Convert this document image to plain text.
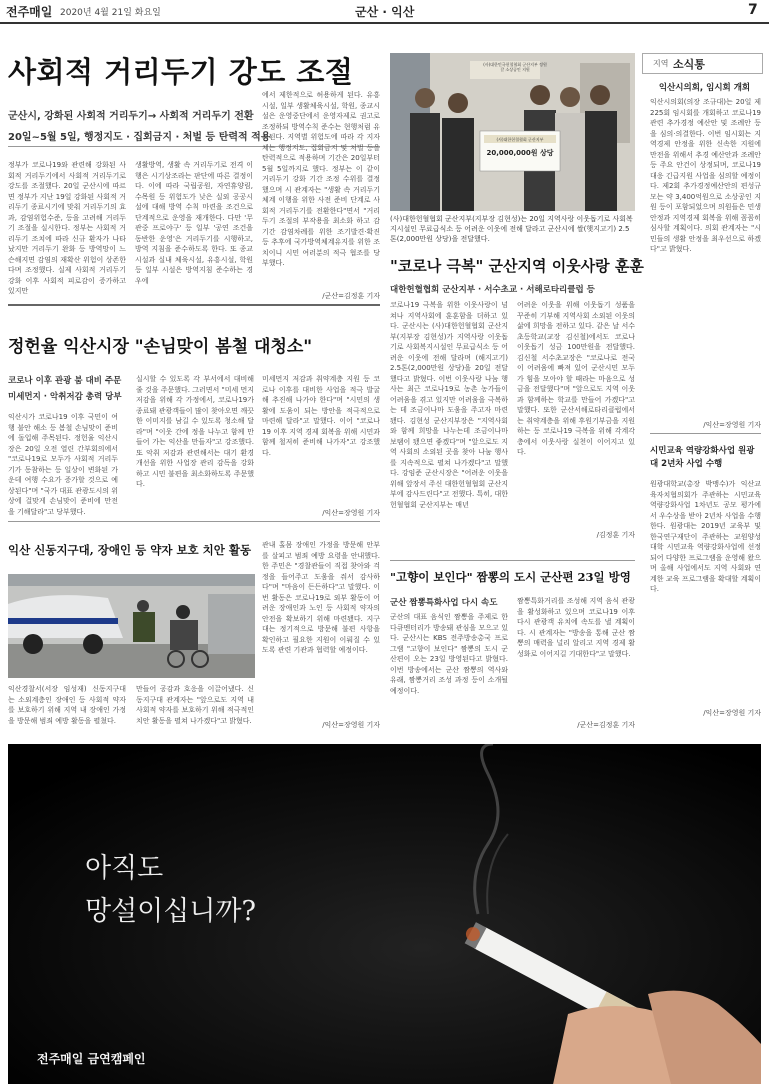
전주매일 2020년 4월 21일 화요일	군산 · 익산	7
사회적 거리두기 강도 조절
군산시, 강화된 사회적 거리두기→ 사회적 거리두기 전환
20일~5월 5일, 행정지도 · 집회금지 · 처벌 등 탄력적 적용
정부가 코로나19와 관련해 강화된 사회적 거리두기에서 사회적 거리두기로 강도를 조절했다. 20일 군산시에 따르면 정부가 지난 19일 강화된 사회적 거리두기 종료시기에 맞춰 거리두기의 효과, 감염위험수준, 등을 고려해 거리두기 조절을 실시한다. 정부는 사회적 거리두기 조치에 따라 신규 환자가 나타났지만 거리두기 완화 등 방역망이 느슨해지면 감염의 재확산 위험이 상존한다며 조정했다. 실제 사회적 거리두기 강화 이후 사회적 피로감이 증가하고 있지만
생활방역, 생활 속 거리두기로 전격 이행은 시기상조라는 판단에 따른 결정이다. 이에 따라 국립공원, 자연휴양림, 수목원 등 위험도가 낮은 실외 공공시설에 대해 방역 수칙 마련을 조건으로 단계적으로 운영을 재개한다. 다만 '무관중 프로야구' 등 일부 '공연 조건을 동반한 운영'은 거리두기를 시행하고, 방역 지침을 준수하도록 한다. 또 종교시설과 실내 체육시설, 유흥시설, 학원 등 일부 시설은 방역지침 준수하는 경우에
에서 제한적으로 허용하게 된다. 유흥시설, 일부 생활체육시설, 학원, 종교시설은 운영중단에서 운영자제로 권고로 조정하되 방역수칙 준수는 현행처럼 유지된다. 지역별 위험도에 따라 각 지자체는 행정지도, 집회금지 및 처벌 등을 탄력적으로 적용하며 기간은 20일부터 5월 5일까지로 했다. 정부는 이 같이 거리두기 강화 기간 조정 수위를 결정했으며 시 관계자는 "생활 속 거리두기 체계 이행을 위한 사전 준비 단계로 사회적 거리두기를 전환한다"면서 "거리두기 조절의 부작용을 최소화 하고 감기간 감염차례를 위한 조기발견·확진 등 추후에 국가방역체계유지를 위한 조치이니 시민 여러분의 적극 협조를 당부했다.
/군산=김정훈 기자
(사)대한민국헌혈협회 군산지부 정원갈 소상공인 지원
(사)대한헌혈협회 군산지부
20,000,000원 상당
(사)대한헌혈협회 군산지부(지부장 김현성)는 20일 지역사랑 이웃돕기로 사회복지시설인 무료급식소 등 어려운 이웃에 전해 달라고 군산시에 쌀(햇지고기) 2.5톤(2,000만원 상당)을 전달했다.
"코로나 극복" 군산지역 이웃사랑 훈훈
대한헌혈협회 군산지부 · 서수초교 · 서해로타리클럽 등
코로나19 극복을 위한 이웃사랑이 넘쳐나 지역사회에 훈훈함을 더하고 있다. 군산시는 (사)대한헌혈협회 군산지부(지부장 김현성)가 지역사랑 이웃돕기로 사회복지시설인 무료급식소 등 어려운 이웃에 전해 달라며 (해지고기) 2.5톤(2,000만원 상당)을 20일 전달했다고 밝혔다. 이번 이웃사랑 나눔 행사는 최근 코로나19로 농촌 농가들이 어려움을 겪고 있지만 어려움을 극복하는 데 조금이나마 도움을 주고자 마련됐다. 김현성 군산지부장은 "지역사회와 함께 희망을 나누는데 조금이나마 보탬이 됐으면 좋겠다"며 "앞으로도 지역 사회의 소외된 곳을 찾아 나눔 행사를 지속적으로 펼쳐 나가겠다"고 말했다. 강임준 군산시장은 "어려운 이웃을 위해 앞장서 주신 대한헌혈협회 군산지부에 감사드린다"고 전했다. 특히, 대한헌혈협회 군산지부는 매년
어려운 이웃을 위해 이웃돕기 성품을 꾸준히 기부해 지역사회 소외된 이웃의 삶에 희망을 전하고 있다. 같은 날 서수초등학교(교장 김신철)에서도 코로나 이웃돕기 성금 100만원을 전달했다. 김신철 서수초교장은 "코로나로 전국이 어려움에 빠져 있어 군산시민 모두가 힘을 모아야 할 때라는 마음으로 성금을 전달했다"며 "앞으로도 지역 이웃과 함께하는 학교를 만들어 가겠다"고 말했다. 또한 군산서해로타리클럽에서는 취약계층을 위해 후원기부금을 지원하는 등 코로나19 극복을 위해 각계각층에서 이웃사랑 실천이 이어지고 있다.
/김정훈 기자
지역 소식통
익산시의회, 임시회 개회
익산시의회(의장 조규대)는 20일 제225회 임시회를 개회하고 코로나19 관련 추가경정 예산안 및 조례안 등을 심의·의결한다. 이번 임시회는 지역경제 안정을 위한 신속한 지원에 만전을 위해서 추경 예산안과 조례안 등 주요 안건이 상정되며, 코로나19 대응 긴급지원 사업을 심의할 예정이다. 제2회 추가경정예산안의 편성규모는 약 3,400억원으로 소상공인 지원 등이 포함되었으며 의원들은 민생 안정과 지역경제 회복을 위해 꼼꼼히 심사할 계획이다. 의회 관계자는 "시민들의 생활 안정을 최우선으로 하겠다"고 밝혔다.
/익산=장영원 기자
시민교육 역량강화사업 원광대 2년차 사업 수행
원광대학교(총장 박맹수)가 익산교육자치협의회가 주관하는 시민교육 역량강화사업 1차년도 공모 평가에서 우수상을 받아 2년차 사업을 수행한다. 원광대는 2019년 교육부 및 한국연구재단이 주관하는 교원양성대학 시민교육 역량강화사업에 선정되어 다양한 프로그램을 운영해 왔으며 올해 사업에서도 지역 사회와 연계한 교육 프로그램을 확대할 계획이다.
/익산=장영원 기자
정헌율 익산시장 "손님맞이 봄철 대청소"
코로나 이후 관광 붐 대비 주문
미세먼지 · 악취저감 총력 당부
익산시가 코로나19 이후 국민이 여행 불안 해소 등 봄철 손님맞이 준비에 돌입해 주목된다. 정헌율 익산시장은 20일 오전 열린 간부회의에서 "코로나19로 모두가 사회적 거리두기가 동참하는 등 일상이 변화된 가운데 여행 수요가 증가할 것으로 예상된다"며 "국가 대표 관광도시의 위상에 걸맞게 손님맞이 준비에 만전을 기해달라"고 당부했다.
실시할 수 있도록 각 부서에서 대비해 줄 것을 주문했다. 그러면서 "미세 먼지 저감을 위해 각 가정에서, 코로나19가 종료돼 관광객들이 많이 찾아오면 깨끗한 이미지를 남길 수 있도록 청소해 달라"며 "이웃 간에 정을 나누고 함께 만들어 가는 익산을 만들자"고 강조했다. 또 악취 저감과 관련해서는 대기 환경 개선을 위한 사업장 관리 감독을 강화하고 시민 불편을 최소화하도록 주문했다.
미세먼지 저감과 취약계층 지원 등 코로나 이후를 대비한 사업을 적극 발굴해 추진해 나가야 한다"며 "시민의 생활에 도움이 되는 방안을 적극적으로 마련해 달라"고 말했다. 이어 "코로나19 이후 지역 경제 회복을 위해 시민과 함께 철저히 준비해 나가자"고 강조했다.
/익산=장영원 기자
익산 신동지구대, 장애인 등 약자 보호 치안 활동
익산경찰서(서장 임성재) 신동지구대는 소외계층인 장애인 등 사회적 약자를 보호하기 위해 지역 내 장애인 가정을 방문해 범죄 예방 활동을 펼쳤다.
만들어 공감과 호응을 이끌어냈다. 신동지구대 관계자는 "앞으로도 지역 내 사회적 약자를 보호하기 위해 적극적인 치안 활동을 펼쳐 나가겠다"고 밝혔다.
관내 홀몸 장애인 가정을 방문해 안부를 살피고 범죄 예방 요령을 안내했다. 한 주민은 "경찰관들이 직접 찾아와 걱정을 들어주고 도움을 줘서 감사하다"며 "마음이 든든하다"고 말했다. 이번 활동은 코로나19로 외부 활동이 어려운 장애인과 노인 등 사회적 약자의 안전을 확보하기 위해 마련됐다. 지구대는 정기적으로 방문해 불편 사항을 확인하고 필요한 지원이 이뤄질 수 있도록 관련 기관과 협력할 예정이다.
/익산=장영원 기자
"고향이 보인다" 짬뽕의 도시 군산편 23일 방영
군산 짬뽕특화사업 다시 속도
군산의 대표 음식인 짬뽕을 주제로 한 다큐멘터리가 방송돼 관심을 모으고 있다. 군산시는 KBS 전주방송총국 프로그램 "고향이 보인다" 짬뽕의 도시 군산편이 오는 23일 방영된다고 밝혔다. 이번 방송에서는 군산 짬뽕의 역사와 유래, 짬뽕거리 조성 과정 등이 소개될 예정이다.
짬뽕특화거리를 조성해 지역 음식 관광을 활성화하고 있으며 코로나19 이후 다시 관광객 유치에 속도를 낼 계획이다. 시 관계자는 "방송을 통해 군산 짬뽕의 매력을 널리 알리고 지역 경제 활성화로 이어지길 기대한다"고 말했다.
/군산=김정훈 기자
아직도
망설이십니까?
전주매일 금연캠페인
